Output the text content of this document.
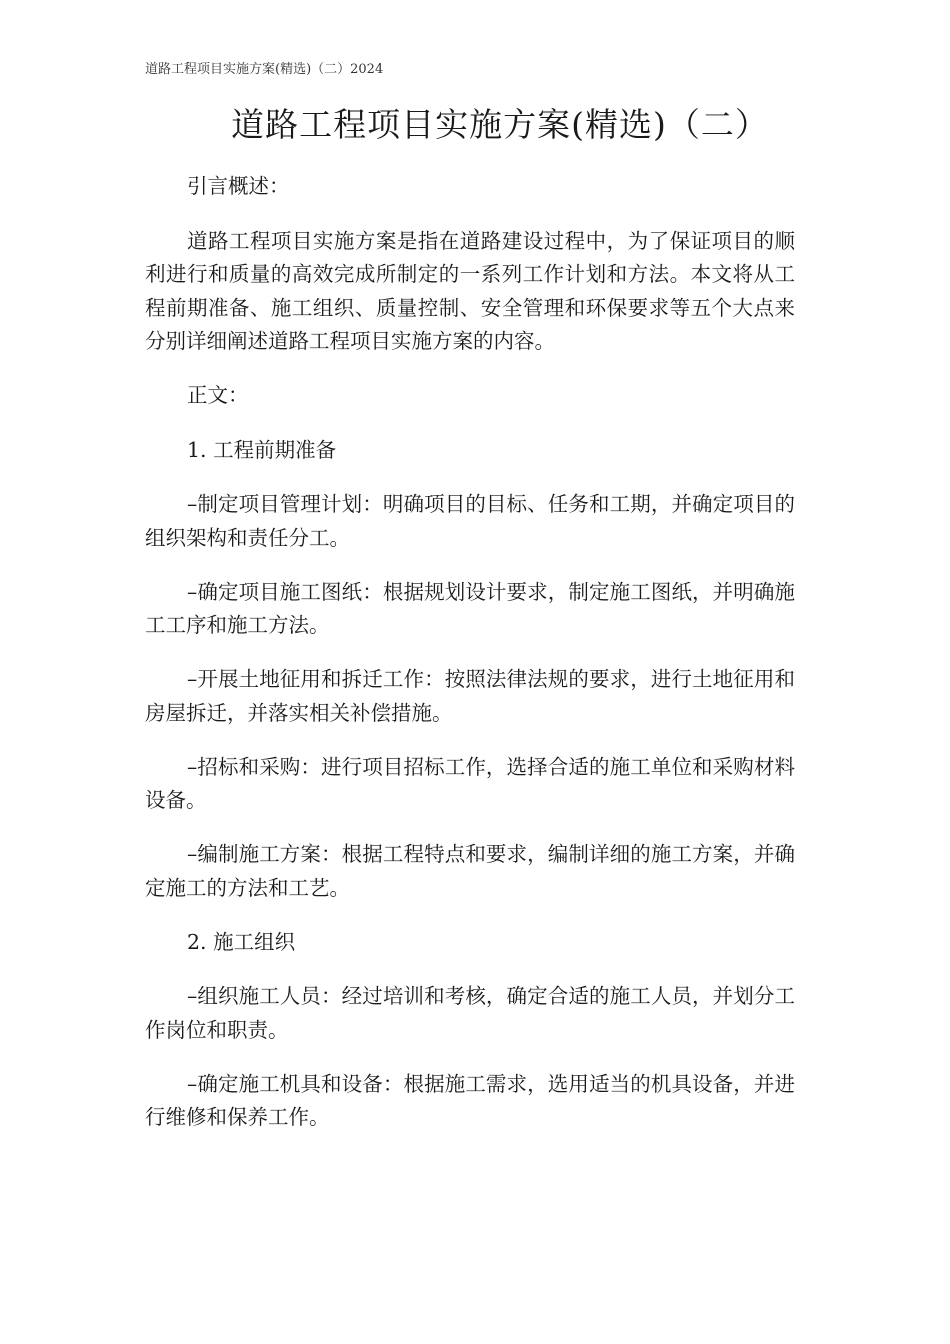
道路工程项目实施方案(精选)（二）2024
道路工程项目实施方案(精选)（二）

引言概述：

道路工程项目实施方案是指在道路建设过程中，为了保证项目的顺利进行和质量的高效完成所制定的一系列工作计划和方法。本文将从工程前期准备、施工组织、质量控制、安全管理和环保要求等五个大点来分别详细阐述道路工程项目实施方案的内容。

正文：

1. 工程前期准备

–制定项目管理计划：明确项目的目标、任务和工期，并确定项目的组织架构和责任分工。

–确定项目施工图纸：根据规划设计要求，制定施工图纸，并明确施工工序和施工方法。

–开展土地征用和拆迁工作：按照法律法规的要求，进行土地征用和房屋拆迁，并落实相关补偿措施。

–招标和采购：进行项目招标工作，选择合适的施工单位和采购材料设备。

–编制施工方案：根据工程特点和要求，编制详细的施工方案，并确定施工的方法和工艺。

2. 施工组织

–组织施工人员：经过培训和考核，确定合适的施工人员，并划分工作岗位和职责。

–确定施工机具和设备：根据施工需求，选用适当的机具设备，并进行维修和保养工作。
